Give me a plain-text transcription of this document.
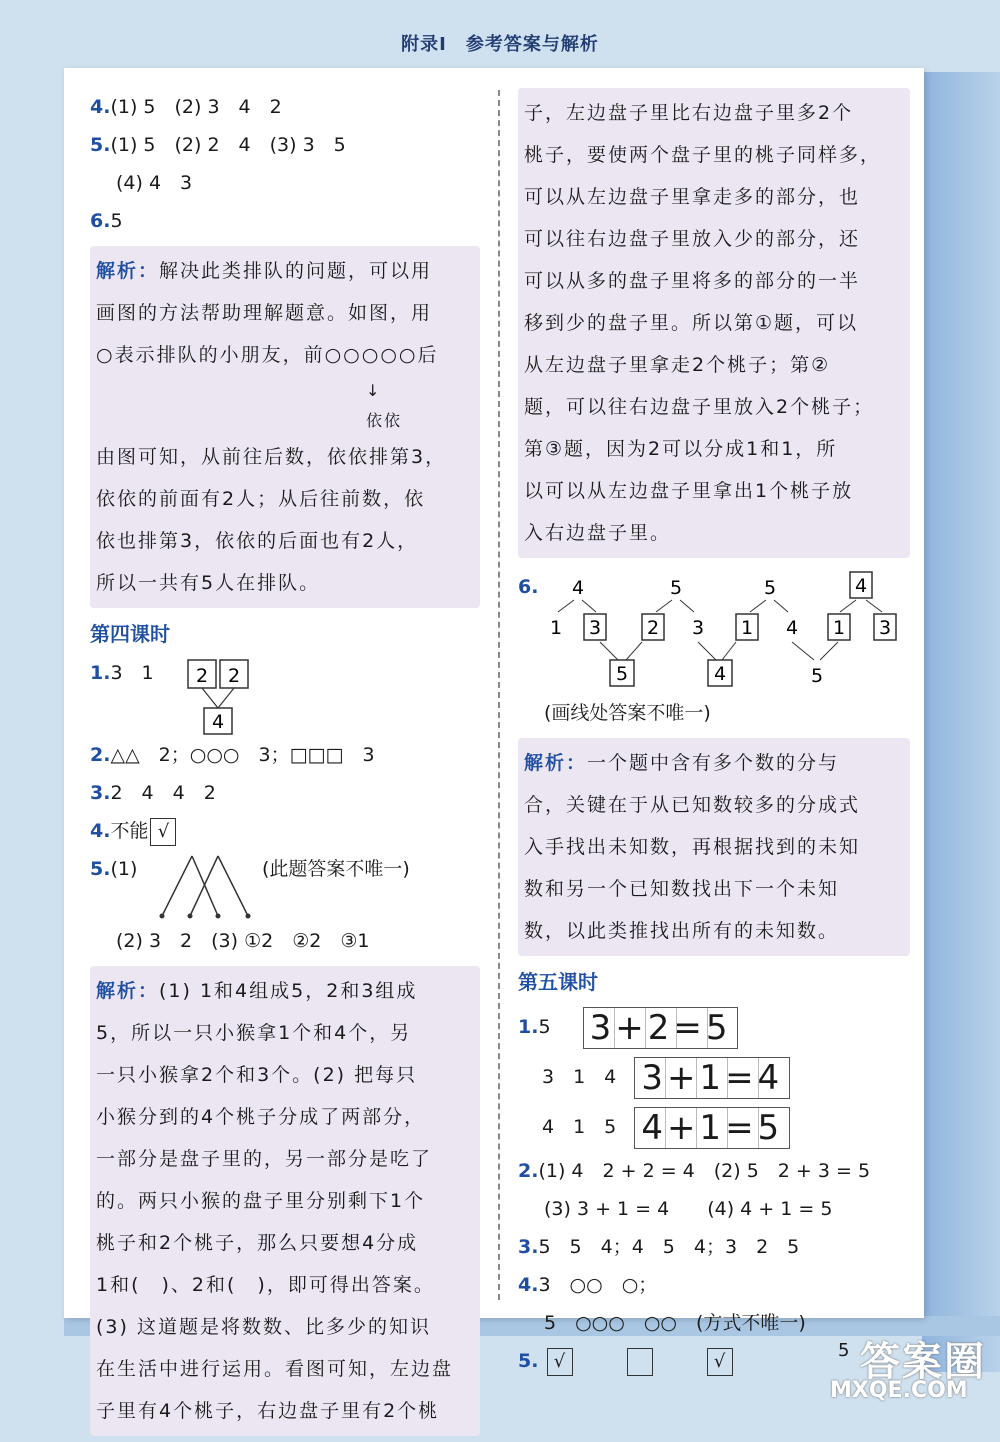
附录I　参考答案与解析
4.(1) 5　(2) 3　4　2
5.(1) 5　(2) 2　4　(3) 3　5
(4) 4　3
6.5

解析：解决此类排队的问题，可以用

画图的方法帮助理解题意。如图，用

○表示排队的小朋友，前○○○○○后

↓
依依

由图可知，从前往后数，依依排第3，

依依的前面有2人；从后往前数，依

依也排第3，依依的后面也有2人，

所以一共有5人在排队。

第四课时
1.3　1 2 2
4
2.△△　2；○○○　3；□□□　3
3.2　4　4　2
4.不能 √
5.(1)	(此题答案不唯一)
(2) 3　2　(3) ①2　②2　③1

解析：(1) 1和4组成5，2和3组成

5，所以一只小猴拿1个和4个，另

一只小猴拿2个和3个。(2) 把每只

小猴分到的4个桃子分成了两部分，

一部分是盘子里的，另一部分是吃了

的。两只小猴的盘子里分别剩下1个

桃子和2个桃子，那么只要想4分成

1和(　)、2和(　)，即可得出答案。

(3) 这道题是将数数、比多少的知识

在生活中进行运用。看图可知，左边盘

子里有4个桃子，右边盘子里有2个桃

子，左边盘子里比右边盘子里多2个

桃子，要使两个盘子里的桃子同样多，

可以从左边盘子里拿走多的部分，也

可以往右边盘子里放入少的部分，还

可以从多的盘子里将多的部分的一半

移到少的盘子里。所以第①题，可以

从左边盘子里拿走2个桃子；第②

题，可以往右边盘子里放入2个桃子；

第③题，因为2可以分成1和1，所

以可以从左边盘子里拿出1个桃子放

入右边盘子里。

6. 4
1 3
5
2 3
5
1 4
4
1 3
5	4	5
(画线处答案不唯一)

解析：一个题中含有多个数的分与

合，关键在于从已知数较多的分成式

入手找出未知数，再根据找到的未知

数和另一个已知数找出下一个未知

数，以此类推找出所有的未知数。

第五课时
1.5 3+2=5
3　1　4 3+1=4
4　1　5 4+1=5
2.(1) 4　2 + 2 = 4　(2) 5　2 + 3 = 5
(3) 3 + 1 = 4　　(4) 4 + 1 = 5
3.5　5　4；4　5　4；3　2　5
4.3　○○　○；
5　○○○　○○　(方式不唯一)
5. √	√	5 答案圈
MXQE.COM
